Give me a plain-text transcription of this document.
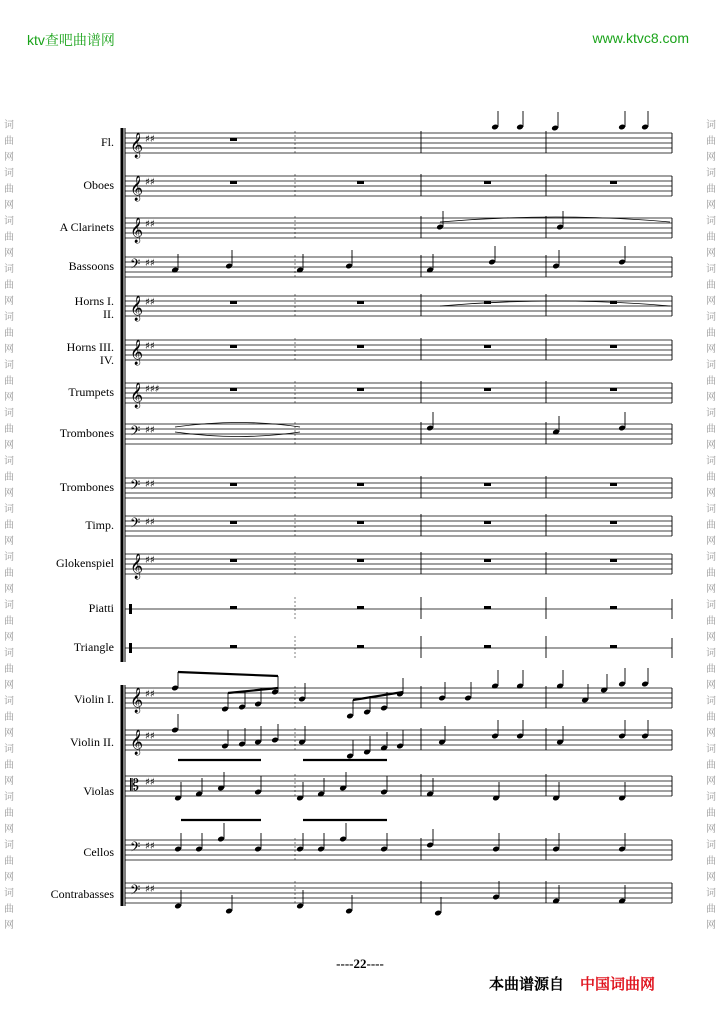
ktv查吧曲谱网	www.ktvc8.com
词
曲
网
词
曲
网
词
曲
网
词
曲
网
词
曲
网
词
曲
网
词
曲
网
词
曲
网
词
曲
网
词
曲
网
词
曲
网
词
曲
网
词
曲
网
词
曲
网
词
曲
网
词
曲
网
词
曲
网
词
曲
网
词
曲
网
词
曲
网
词
曲
网
词
曲
网
词
曲
网
词
曲
网
词
曲
网
词
曲
网
词
曲
网
词
曲
网
词
曲
网
词
曲
网
词
曲
网
词
曲
网
词
曲
网
词
曲
网
Fl.
Oboes
A Clarinets
Bassoons
Horns I.
II.
Horns III.
IV.
Trumpets
Trombones
Trombones
Timp.
Glokenspiel
Piatti
Triangle
Violin I.
Violin II.
Violas
Cellos
Contrabasses
𝄞 ♯♯
𝄞 ♯♯
𝄞 ♯♯
𝄢 ♯♯
𝄞 ♯♯
𝄞 ♯♯
𝄞 ♯♯♯
𝄢 ♯♯
𝄢 ♯♯
𝄢 ♯♯
𝄞 ♯♯
𝄞 ♯♯
𝄞 ♯♯
𝄡 ♯♯
𝄢 ♯♯
𝄢 ♯♯
----22----
本曲谱源自 中国词曲网
